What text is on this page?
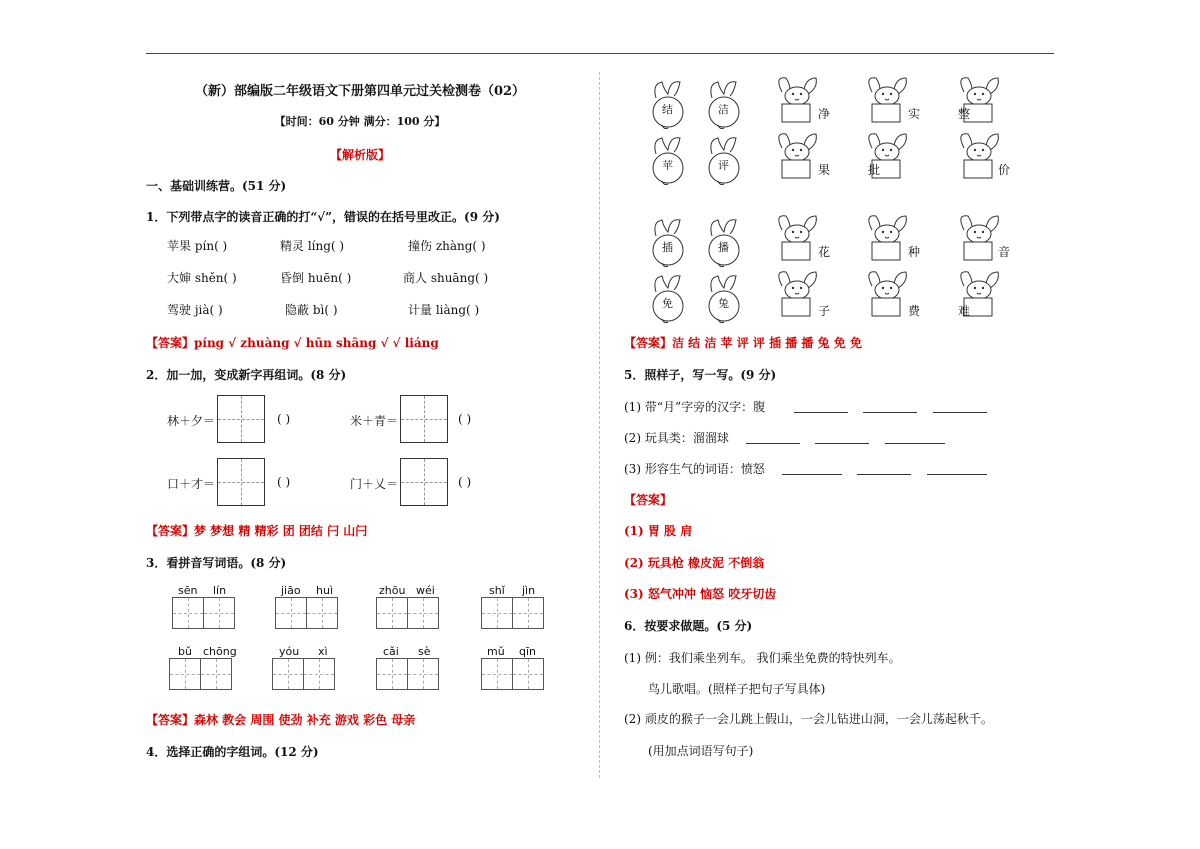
（新）部编版二年级语文下册第四单元过关检测卷（02）
【时间：60 分钟 满分：100 分】
【解析版】
一、基础训练营。(51 分)
1．下列带点字的读音正确的打“√”，错误的在括号里改正。(9 分)
苹果 pín( )	精灵 líng( )	撞伤 zhàng( )
大婶 shěn( )	昏倒 huēn( )	商人 shuāng( )
驾驶 jià( )	隐蔽 bì( )	计量 liàng( )
【答案】píng √ zhuàng √ hūn shāng √ √ liáng
2．加一加，变成新字再组词。(8 分)
林＋夕＝	( )	米＋青＝	( )
口＋才＝	( )	门＋乂＝	( )
【答案】梦 梦想 精 精彩 团 团结 闩 山闩
3．看拼音写词语。(8 分)
sēn lín	jiāo huì	zhōu wéi	shǐ jìn
bǔ chōng	yóu xì	cǎi sè	mǔ qīn
【答案】森林 教会 周围 使劲 补充 游戏 彩色 母亲
4．选择正确的字组词。(12 分)
结	洁
苹	评
插	播
免	兔
净	实	整
果	批	价
花	种	音
子	费	难
【答案】洁 结 洁 苹 评 评 插 播 播 兔 免 免
5．照样子，写一写。(9 分)
(1) 带“月”字旁的汉字：腹

(2) 玩具类：溜溜球

(3) 形容生气的词语：愤怒

【答案】
(1) 胃 股 肩
(2) 玩具枪 橡皮泥 不倒翁
(3) 怒气冲冲 恼怒 咬牙切齿
6．按要求做题。(5 分)
(1) 例：我们乘坐列车。 我们乘坐免费的特快列车。
鸟儿歌唱。(照样子把句子写具体)
(2) 顽皮的猴子一会儿跳上假山，一会儿钻进山洞，一会儿荡起秋千。
(用加点词语写句子)
